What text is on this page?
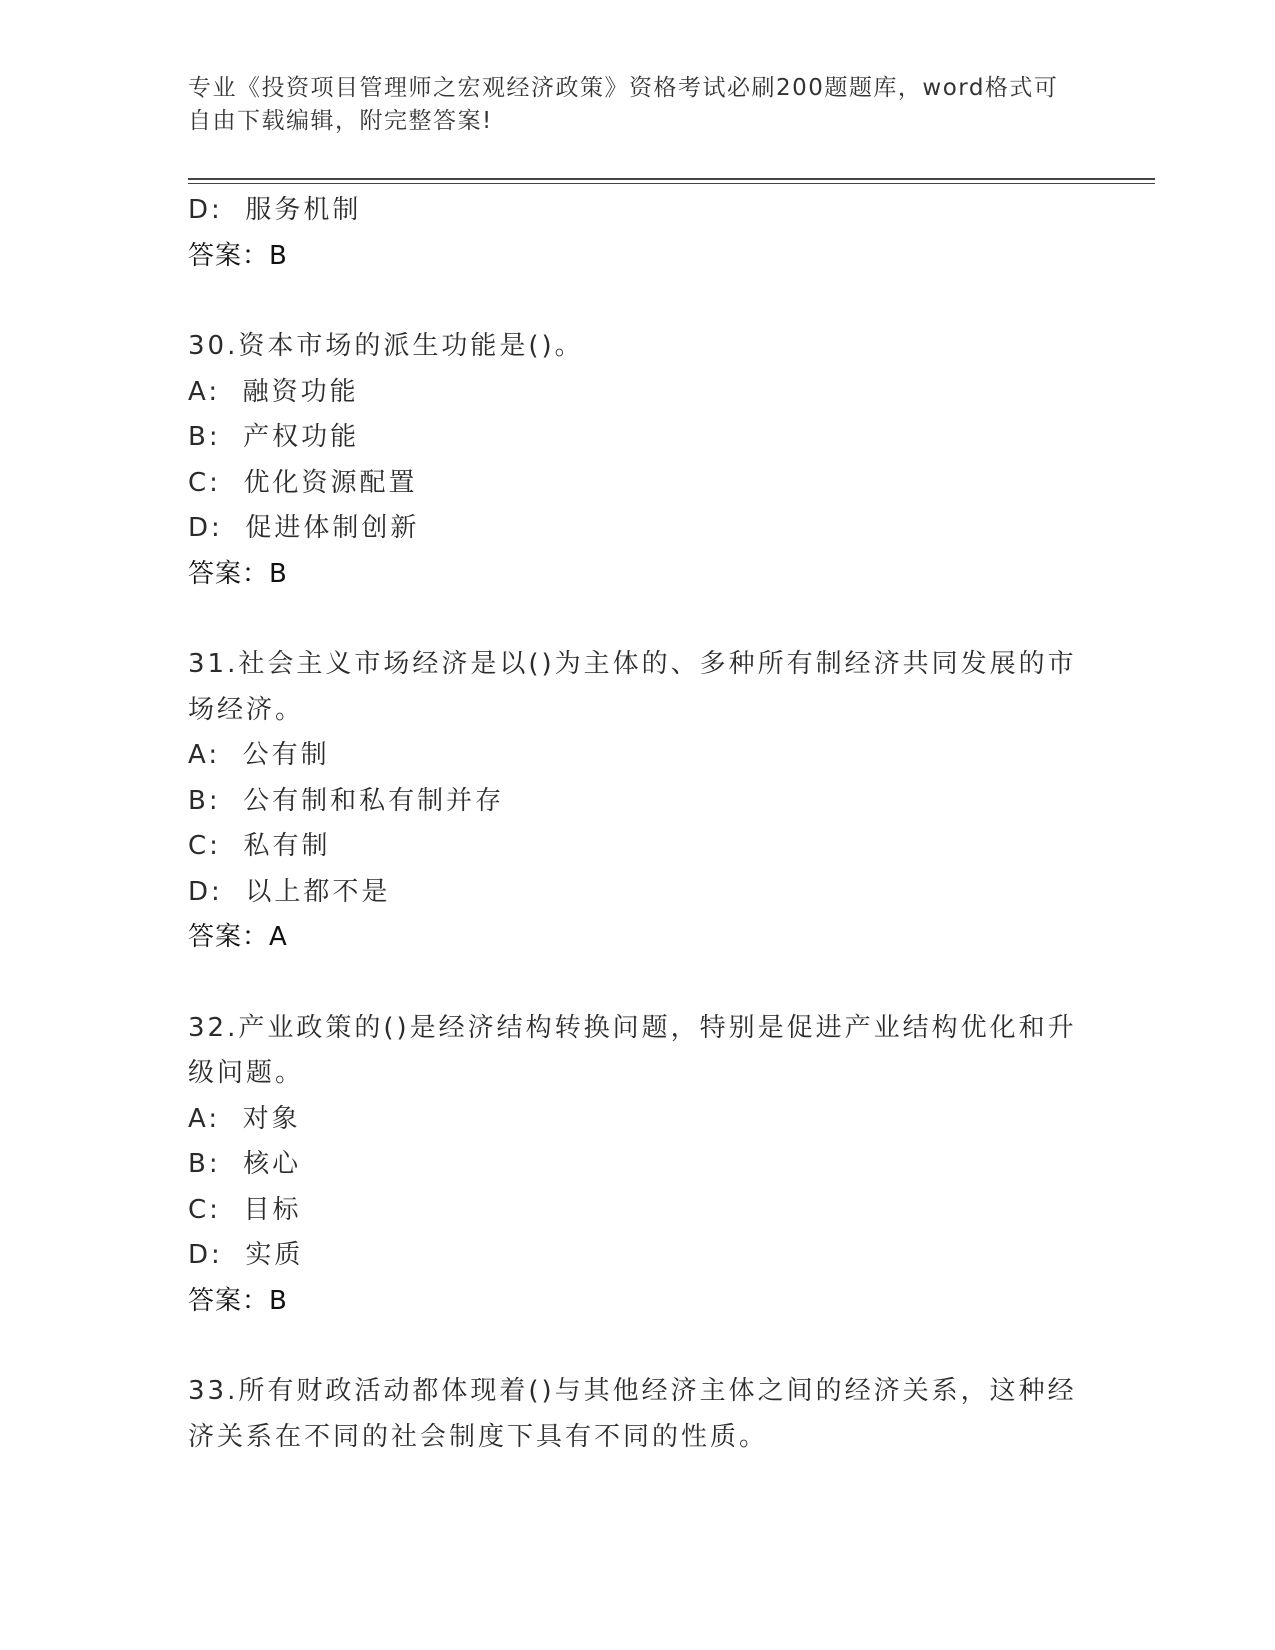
专业《投资项目管理师之宏观经济政策》资格考试必刷200题题库，word格式可自由下载编辑，附完整答案!

D:  服务机制

答案：B

30.资本市场的派生功能是()。

A:  融资功能

B:  产权功能

C:  优化资源配置

D:  促进体制创新

答案：B

31.社会主义市场经济是以()为主体的、多种所有制经济共同发展的市场经济。

A:  公有制

B:  公有制和私有制并存

C:  私有制

D:  以上都不是

答案：A

32.产业政策的()是经济结构转换问题，特别是促进产业结构优化和升级问题。

A:  对象

B:  核心

C:  目标

D:  实质

答案：B

33.所有财政活动都体现着()与其他经济主体之间的经济关系，这种经济关系在不同的社会制度下具有不同的性质。
